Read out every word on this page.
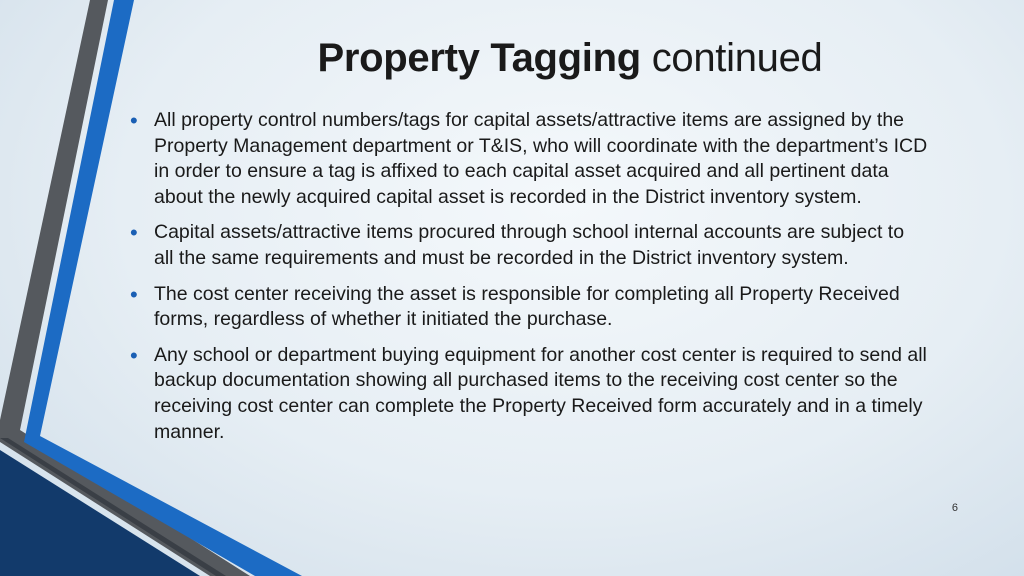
Property Tagging continued
• All property control numbers/tags for capital assets/attractive items are assigned by the Property Management department or T&IS, who will coordinate with the department’s ICD in order to ensure a tag is affixed to each capital asset acquired and all pertinent data about the newly acquired capital asset is recorded in the District inventory system.
• Capital assets/attractive items procured through school internal accounts are subject to all the same requirements and must be recorded in the District inventory system.
• The cost center receiving the asset is responsible for completing all Property Received forms, regardless of whether it initiated the purchase.
• Any school or department buying equipment for another cost center is required to send all backup documentation showing all purchased items to the receiving cost center so the receiving cost center can complete the Property Received form accurately and in a timely manner.
6
